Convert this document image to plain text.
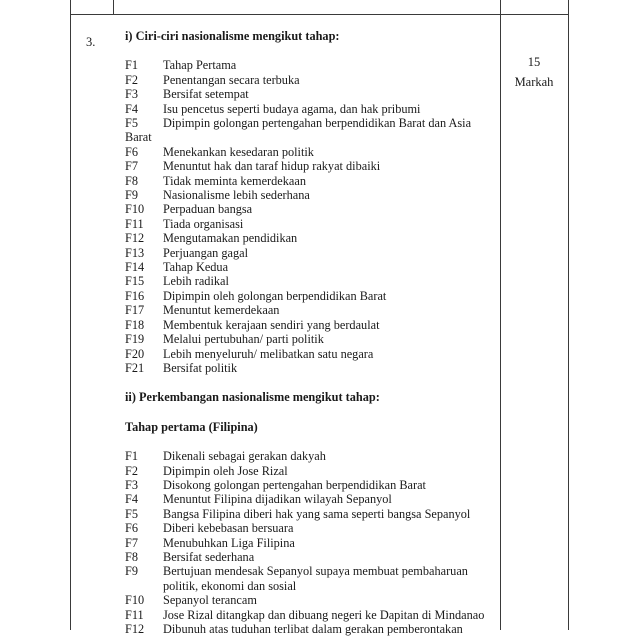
3.
15
Markah
i) Ciri-ciri nasionalisme mengikut tahap:
F1	Tahap Pertama
F2	Penentangan secara terbuka
F3	Bersifat setempat
F4	Isu pencetus seperti budaya agama, dan hak pribumi
F5	Dipimpin golongan pertengahan berpendidikan Barat dan Asia
Barat
F6	Menekankan kesedaran politik
F7	Menuntut hak dan taraf hidup rakyat dibaiki
F8	Tidak meminta kemerdekaan
F9	Nasionalisme lebih sederhana
F10	Perpaduan bangsa
F11	Tiada organisasi
F12	Mengutamakan pendidikan
F13	Perjuangan gagal
F14	Tahap Kedua
F15	Lebih radikal
F16	Dipimpin oleh golongan berpendidikan Barat
F17	Menuntut kemerdekaan
F18	Membentuk kerajaan sendiri yang berdaulat
F19	Melalui pertubuhan/ parti politik
F20	Lebih menyeluruh/ melibatkan satu negara
F21	Bersifat politik
ii) Perkembangan nasionalisme mengikut tahap:
Tahap pertama (Filipina)
F1	Dikenali sebagai gerakan dakyah
F2	Dipimpin oleh Jose Rizal
F3	Disokong golongan pertengahan berpendidikan Barat
F4	Menuntut Filipina dijadikan wilayah Sepanyol
F5	Bangsa Filipina diberi hak yang sama seperti bangsa Sepanyol
F6	Diberi kebebasan bersuara
F7	Menubuhkan Liga Filipina
F8	Bersifat sederhana
F9	Bertujuan mendesak Sepanyol supaya membuat pembaharuan politik, ekonomi dan sosial
F10	Sepanyol terancam
F11	Jose Rizal ditangkap dan dibuang negeri ke Dapitan di Mindanao
F12	Dibunuh atas tuduhan terlibat dalam gerakan pemberontakan
